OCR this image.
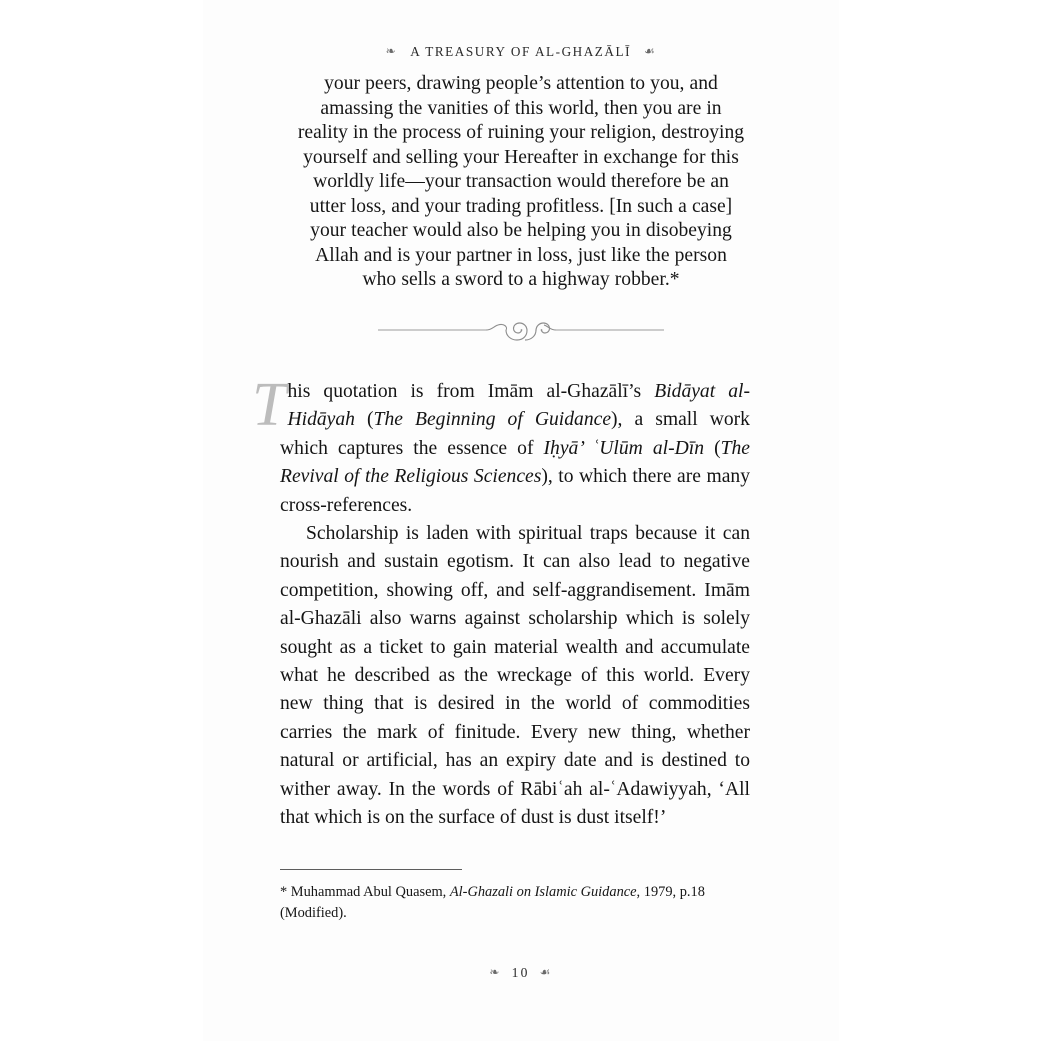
❧ A TREASURY OF AL-GHAZĀLĪ ☙
your peers, drawing people’s attention to you, and
amassing the vanities of this world, then you are in
reality in the process of ruining your religion, destroying
yourself and selling your Hereafter in exchange for this
worldly life—your transaction would therefore be an
utter loss, and your trading profitless. [In such a case]
your teacher would also be helping you in disobeying
Allah and is your partner in loss, just like the person
who sells a sword to a highway robber.*

This quotation is from Imām al-Ghazālī’s Bidāyat al-Hidāyah (The Beginning of Guidance), a small work which captures the essence of Iḥyā’ ʿUlūm al-Dīn (The Revival of the Religious Sciences), to which there are many cross-references.

Scholarship is laden with spiritual traps because it can nourish and sustain egotism. It can also lead to negative competition, showing off, and self-aggrandisement. Imām al-Ghazāli also warns against scholarship which is solely sought as a ticket to gain material wealth and accumulate what he described as the wreckage of this world. Every new thing that is desired in the world of commodities carries the mark of finitude. Every new thing, whether natural or artificial, has an expiry date and is destined to wither away. In the words of Rābiʿah al-ʿAdawiyyah, ‘All that which is on the surface of dust is dust itself!’

* Muhammad Abul Quasem, Al-Ghazali on Islamic Guidance, 1979, p.18 (Modified).
❧ 10 ☙
